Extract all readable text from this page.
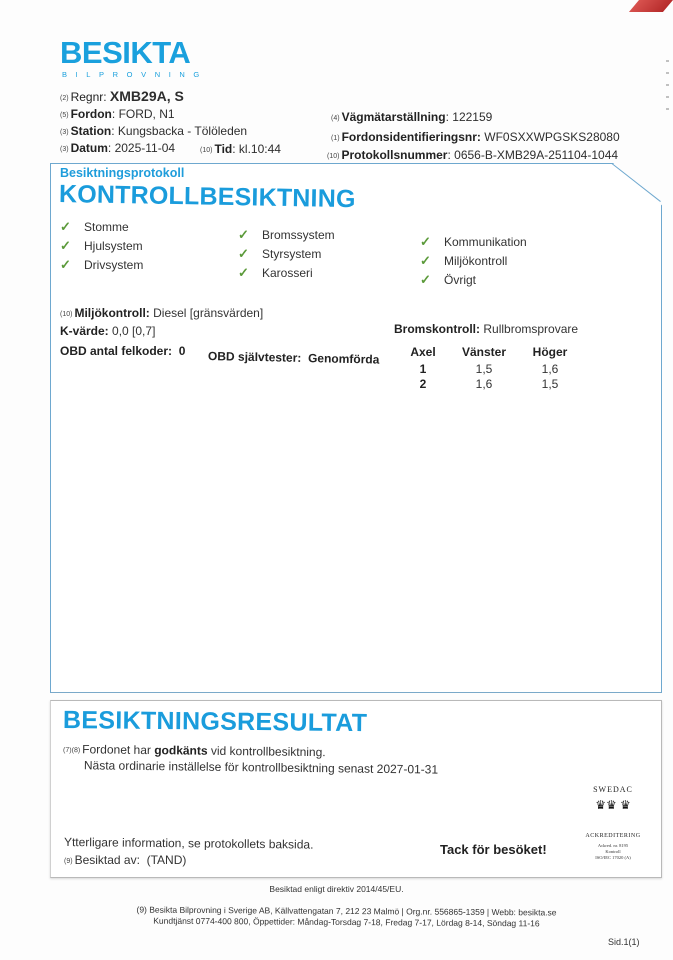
BESIKTA
BILPROVNING
(2) Regnr: XMB29A, S
(5) Fordon: FORD, N1
(3) Station: Kungsbacka - Tölöleden
(3) Datum: 2025-11-04	(10) Tid: kl.10:44
(4) Vägmätarställning: 122159
(1) Fordonsidentifieringsnr: WF0SXXWPGSKS28080
(10) Protokollsnummer: 0656-B-XMB29A-251104-1044
Besiktningsprotokoll
KONTROLLBESIKTNING
✓ Stomme
✓ Hjulsystem
✓ Drivsystem
✓ Bromssystem
✓ Styrsystem
✓ Karosseri
✓ Kommunikation
✓ Miljökontroll
✓ Övrigt
(10) Miljökontroll: Diesel [gränsvärden]
K-värde: 0,0 [0,7]
OBD antal felkoder: 0 OBD självtester: Genomförda
Bromskontroll: Rullbromsprovare
Axel	Vänster	Höger
1	1,5	1,6
2	1,6	1,5
BESIKTNINGSRESULTAT
(7)(8) Fordonet har godkänts vid kontrollbesiktning.
Nästa ordinarie inställelse för kontrollbesiktning senast 2027-01-31
Ytterligare information, se protokollets baksida.
(9) Besiktad av: (TAND)
Tack för besöket!
SWEDAC
♛♛ ♛
ACKREDITERING
Ackred. nr. 8195
Kontroll
ISO/IEC 17020 (A)
Besiktad enligt direktiv 2014/45/EU.
(9) Besikta Bilprovning i Sverige AB, Källvattengatan 7, 212 23 Malmö | Org.nr. 556865-1359 | Webb: besikta.se
Kundtjänst 0774-400 800, Öppettider: Måndag-Torsdag 7-18, Fredag 7-17, Lördag 8-14, Söndag 11-16
Sid.1(1)
